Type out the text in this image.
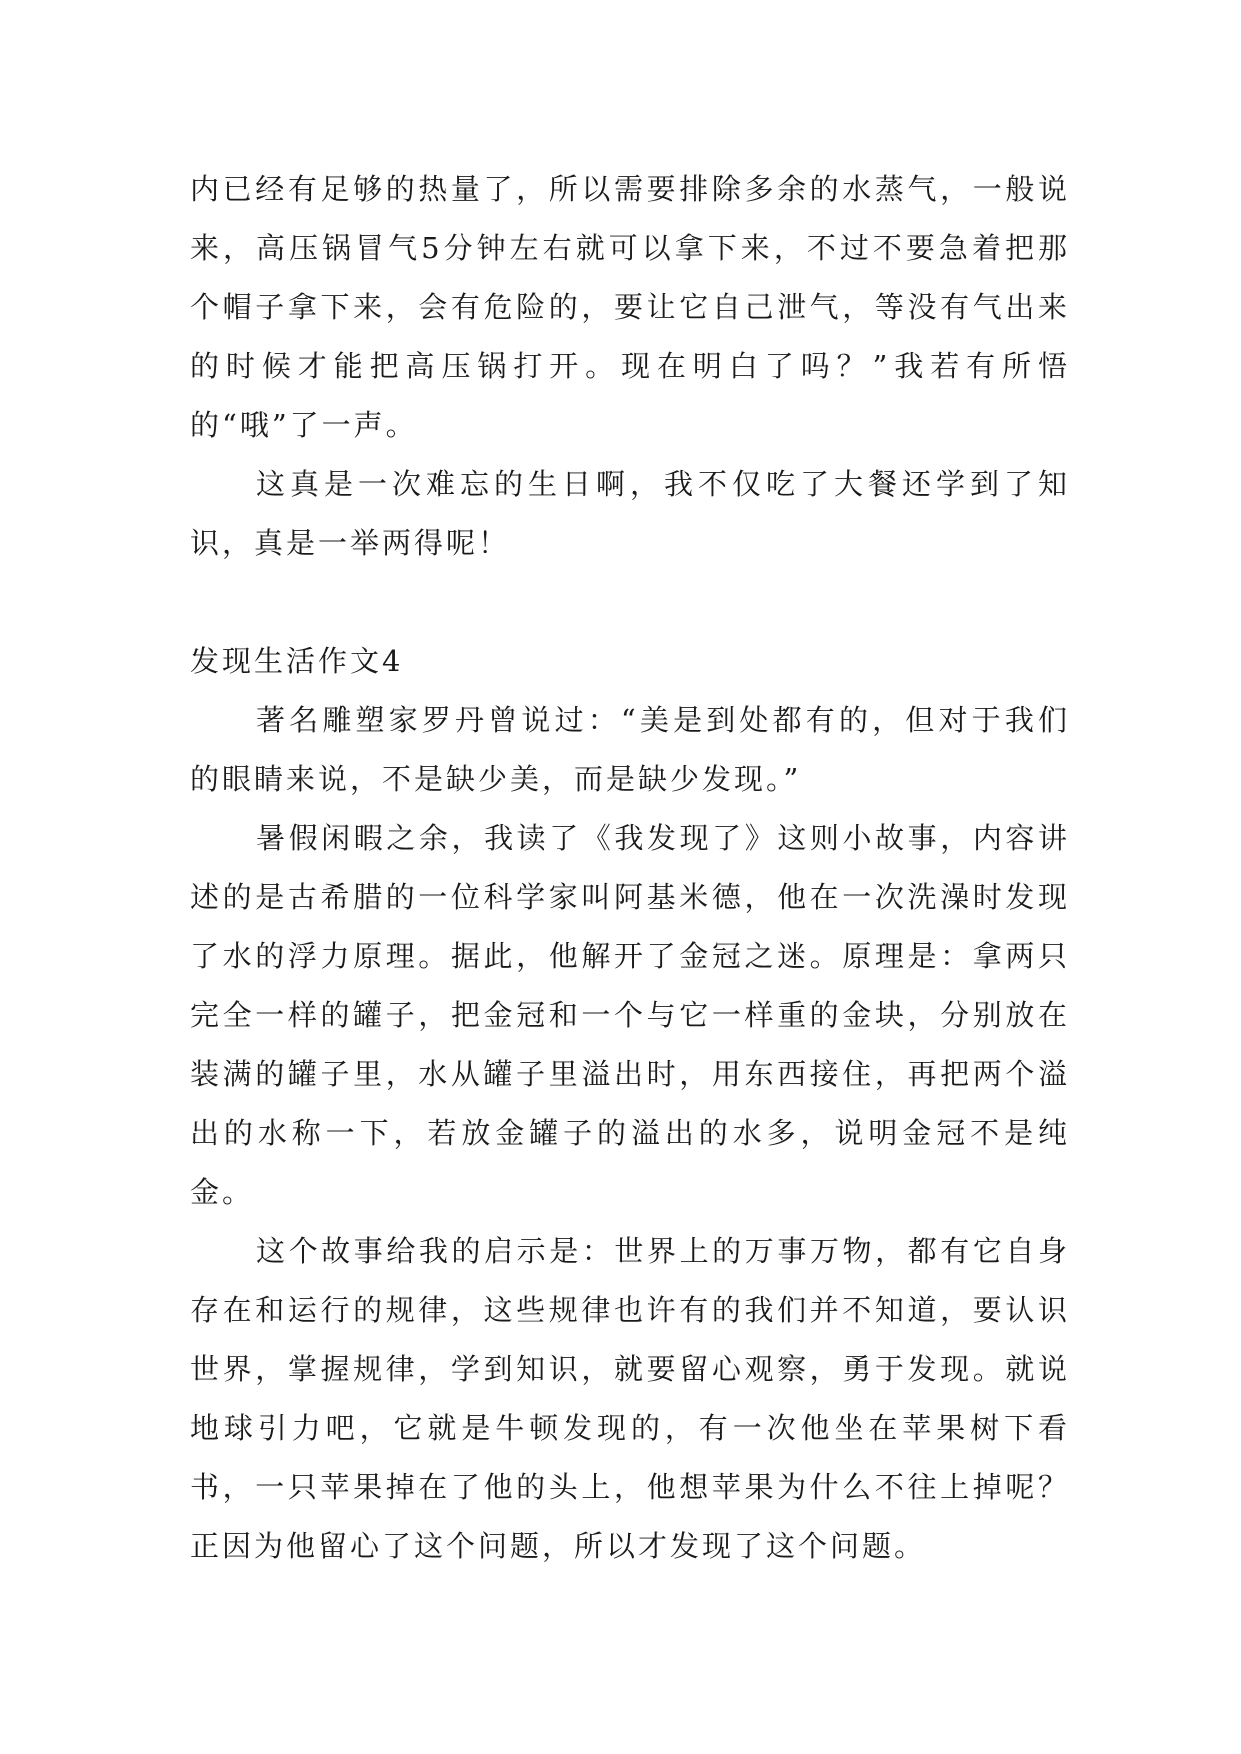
内已经有足够的热量了，所以需要排除多余的水蒸气，一般说来，高压锅冒气5分钟左右就可以拿下来，不过不要急着把那个帽子拿下来，会有危险的，要让它自己泄气，等没有气出来的时候才能把高压锅打开。现在明白了吗？”我若有所悟的“哦”了一声。

这真是一次难忘的生日啊，我不仅吃了大餐还学到了知识，真是一举两得呢！

发现生活作文4

著名雕塑家罗丹曾说过：“美是到处都有的，但对于我们的眼睛来说，不是缺少美，而是缺少发现。”

暑假闲暇之余，我读了《我发现了》这则小故事，内容讲述的是古希腊的一位科学家叫阿基米德，他在一次洗澡时发现了水的浮力原理。据此，他解开了金冠之迷。原理是：拿两只完全一样的罐子，把金冠和一个与它一样重的金块，分别放在装满的罐子里，水从罐子里溢出时，用东西接住，再把两个溢出的水称一下，若放金罐子的溢出的水多，说明金冠不是纯金。

这个故事给我的启示是：世界上的万事万物，都有它自身存在和运行的规律，这些规律也许有的我们并不知道，要认识世界，掌握规律，学到知识，就要留心观察，勇于发现。就说地球引力吧，它就是牛顿发现的，有一次他坐在苹果树下看书，一只苹果掉在了他的头上，他想苹果为什么不往上掉呢？正因为他留心了这个问题，所以才发现了这个问题。
